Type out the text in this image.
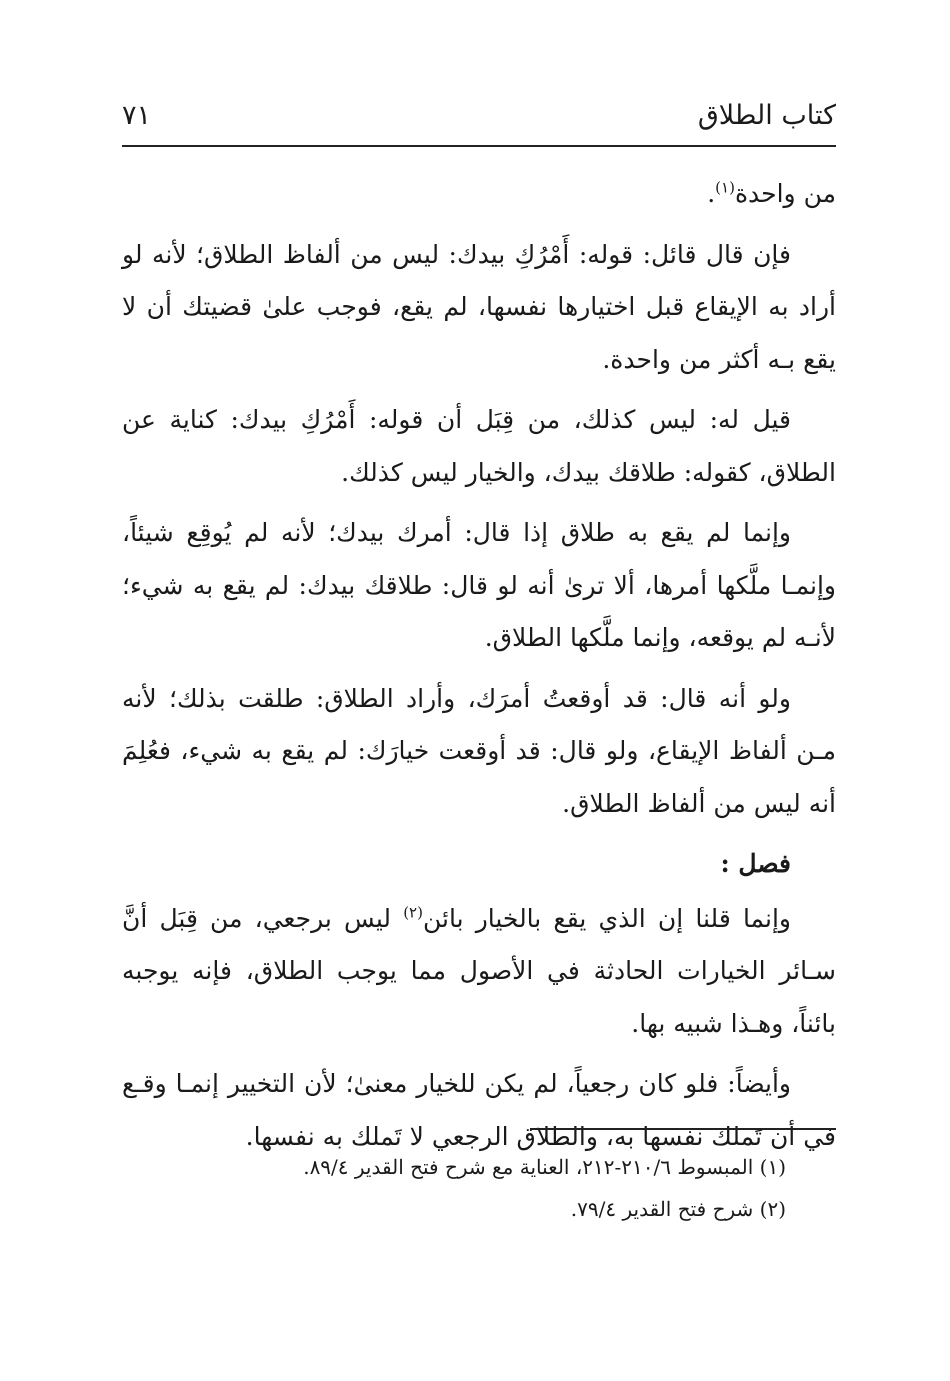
كتاب الطلاق
٧١

من واحدة$^{(١)}$.

فإن قال قائل: قوله: أَمْرُكِ بيدك: ليس من ألفاظ الطلاق؛ لأنه لو أراد به الإيقاع قبل اختيارها نفسها، لم يقع، فوجب علىٰ قضيتك أن لا يقع بـه أكثر من واحدة.

قيل له: ليس كذلك، من قِبَل أن قوله: أَمْرُكِ بيدك: كناية عن الطلاق، كقوله: طلاقك بيدك، والخيار ليس كذلك.

وإنما لم يقع به طلاق إذا قال: أمرك بيدك؛ لأنه لم يُوقِع شيئاً، وإنمـا ملَّكها أمرها، ألا ترىٰ أنه لو قال: طلاقك بيدك: لم يقع به شيء؛ لأنـه لم يوقعه، وإنما ملَّكها الطلاق.

ولو أنه قال: قد أوقعتُ أمرَك، وأراد الطلاق: طلقت بذلك؛ لأنه مـن ألفاظ الإيقاع، ولو قال: قد أوقعت خيارَك: لم يقع به شيء، فعُلِمَ أنه ليس من ألفاظ الطلاق.

فصل :

وإنما قلنا إن الذي يقع بالخيار بائن$^{(٢)}$ ليس برجعي، من قِبَل أنَّ سـائر الخيارات الحادثة في الأصول مما يوجب الطلاق، فإنه يوجبه بائناً، وهـذا شبيه بها.

وأيضاً: فلو كان رجعياً، لم يكن للخيار معنىٰ؛ لأن التخيير إنمـا وقـع في أن تَملك نفسها به، والطلاق الرجعي لا تَملك به نفسها.

(١) المبسوط ٢١٠/٦-٢١٢، العناية مع شرح فتح القدير ٨٩/٤.

(٢) شرح فتح القدير ٧٩/٤.
